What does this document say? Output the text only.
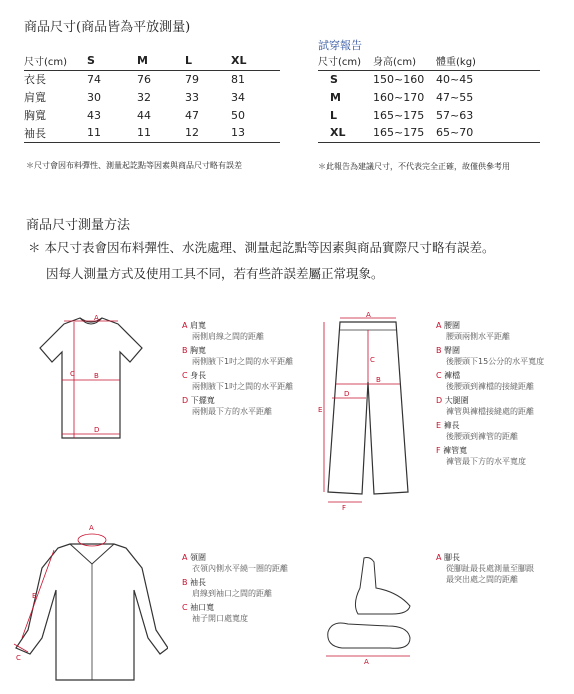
商品尺寸(商品皆為平放測量)
尺寸(cm)	S	M	L	XL
衣長	74	76	79	81
肩寬	30	32	33	34
胸寬	43	44	47	50
袖長	11	11	12	13
＊尺寸會因布料彈性、測量起訖點等因素與商品尺寸略有誤差
試穿報告
尺寸(cm)	身高(cm)	體重(kg)
S	150~160	40~45
M	160~170	47~55
L	165~175	57~63
XL	165~175	65~70
＊此報告為建議尺寸，不代表完全正確，故僅供參考用
商品尺寸測量方法
＊ 本尺寸表會因布料彈性、水洗處理、測量起訖點等因素與商品實際尺寸略有誤差。
因每人測量方式及使用工具不同，若有些許誤差屬正常現象。
A
B
C
D
A 肩寬
兩側肩線之間的距離
B 胸寬
兩側腋下1吋之間的水平距離
C 身長
兩側腋下1吋之間的水平距離
D 下擺寬
兩側最下方的水平距離
A
B
C
D
E
F
A 腰圍
腰頭兩側水平距離
B 臀圍
後腰頭下15公分的水平寬度
C 褲檔
後腰頭到褲檔的接縫距離
D 大腿圍
褲管與褲檔接縫處的距離
E 褲長
後腰頭到褲管的距離
F 褲管寬
褲管最下方的水平寬度
A
B
C
A 領圍
衣領內側水平繞一圈的距離
B 袖長
肩線到袖口之間的距離
C 袖口寬
袖子開口處寬度
A
A 腳長
從腳趾最長處測量至腳跟
最突出處之間的距離
